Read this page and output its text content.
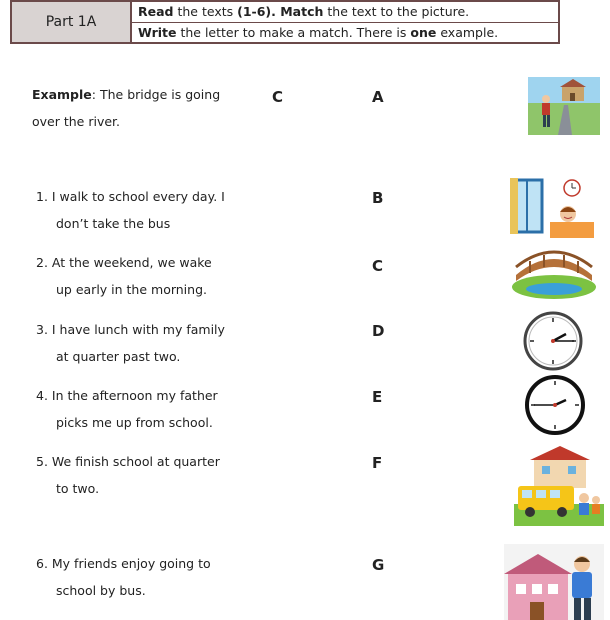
Part 1A
Read the texts (1-6). Match the text to the picture.
Write the letter to make a match. There is one example.
Example: The bridge is going
over the river.
C
1. I walk to school every day. I
don’t take the bus
2. At the weekend, we wake
up early in the morning.
3. I have lunch with my family
at quarter past two.
4. In the afternoon my father
picks me up from school.
5. We finish school at quarter
to two.
6. My friends enjoy going to
school by bus.
A
B
C
D
E
F
G
